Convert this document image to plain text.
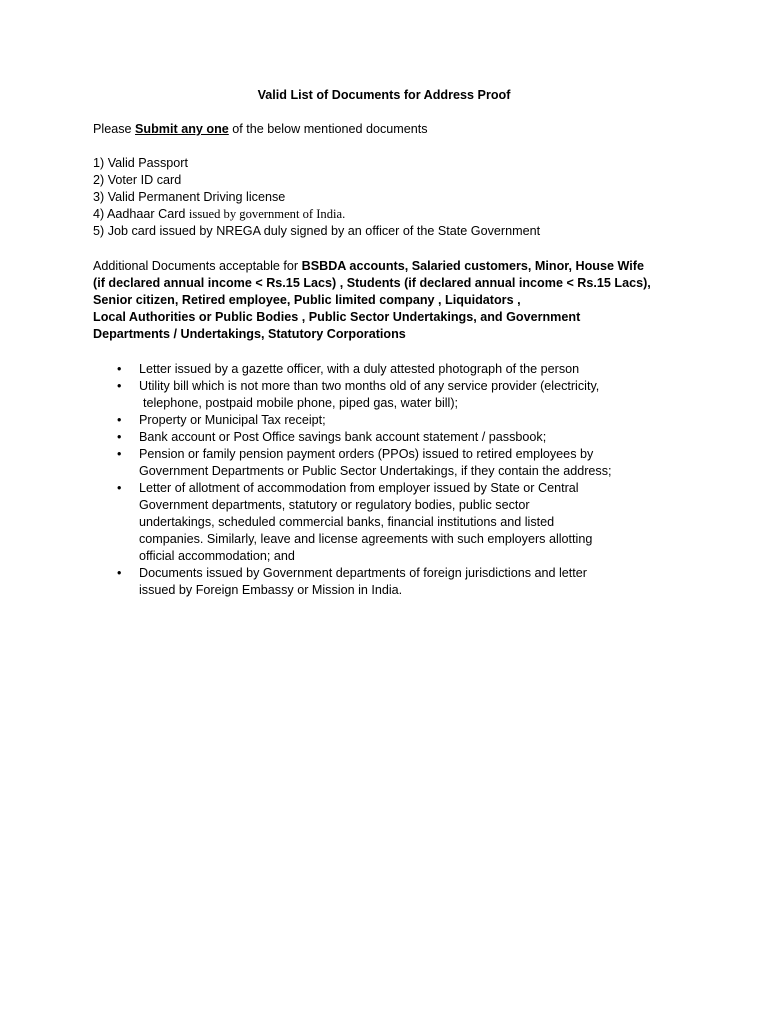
Valid List of Documents for Address Proof
Please Submit any one of the below mentioned documents
1) Valid Passport
2) Voter ID card
3) Valid Permanent Driving license
4) Aadhaar Card issued by government of India.
5) Job card issued by NREGA duly signed by an officer of the State Government
Additional Documents acceptable for BSBDA accounts, Salaried customers, Minor, House Wife
(if declared annual income < Rs.15 Lacs) , Students (if declared annual income < Rs.15 Lacs),
Senior citizen, Retired employee, Public limited company , Liquidators ,
Local Authorities or Public Bodies , Public Sector Undertakings, and Government
Departments / Undertakings, Statutory Corporations
• Letter issued by a gazette officer, with a duly attested photograph of the person
• Utility bill which is not more than two months old of any service provider (electricity,
telephone, postpaid mobile phone, piped gas, water bill);
• Property or Municipal Tax receipt;
• Bank account or Post Office savings bank account statement / passbook;
• Pension or family pension payment orders (PPOs) issued to retired employees by
Government Departments or Public Sector Undertakings, if they contain the address;
• Letter of allotment of accommodation from employer issued by State or Central
Government departments, statutory or regulatory bodies, public sector
undertakings, scheduled commercial banks, financial institutions and listed
companies. Similarly, leave and license agreements with such employers allotting
official accommodation; and
• Documents issued by Government departments of foreign jurisdictions and letter
issued by Foreign Embassy or Mission in India.
